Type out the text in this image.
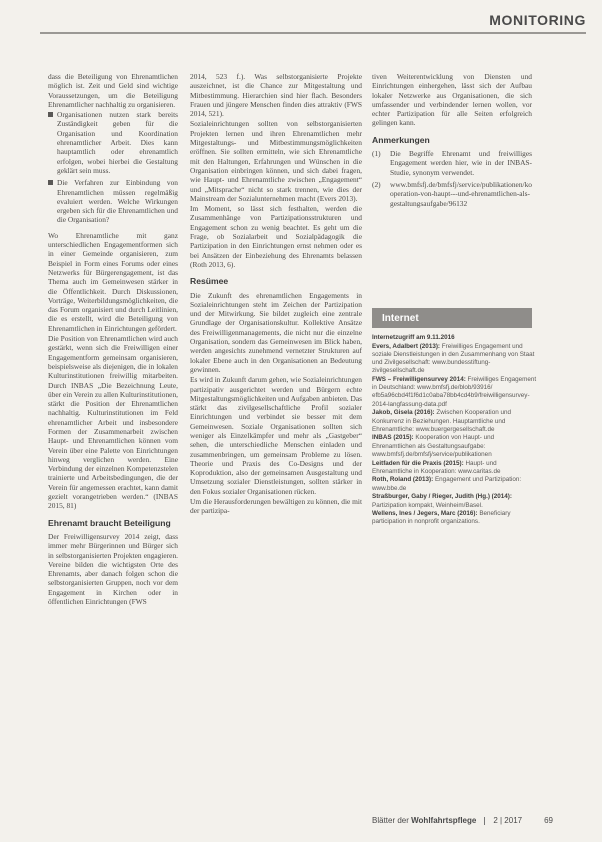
MONITORING

dass die Beteiligung von Ehrenamtlichen möglich ist. Zeit und Geld sind wichtige Voraussetzungen, um die Beteiligung Ehrenamtlicher nachhaltig zu organisieren.

Organisationen nutzen stark bereits Zuständigkeit geben für die Organisation und Koordination ehrenamtlicher Arbeit. Dies kann hauptamtlich oder ehrenamtlich erfolgen, wobei hierbei die Gestaltung geklärt sein muss.
Die Verfahren zur Einbindung von Ehrenamtlichen müssen regelmäßig evaluiert werden. Welche Wirkungen ergeben sich für die Ehrenamtlichen und die Organisation?

Wo Ehrenamtliche mit ganz unterschiedlichen Engagementformen sich in einer Gemeinde organisieren, zum Beispiel in Form eines Forums oder eines Netzwerks für Bürgerengagement, ist das Thema auch im Gemeinwesen stärker in die Öffentlichkeit. Durch Diskussionen, Vorträge, Weiterbildungsmöglichkeiten, die das Forum organisiert und durch Leitlinien, die es erstellt, wird die Beteiligung von Ehrenamtlichen in Einrichtungen gefördert.

Die Position von Ehrenamtlichen wird auch gestärkt, wenn sich die Freiwilligen einer Engagementform gemeinsam organisieren, beispielsweise als diejenigen, die in lokalen Kulturinstitutionen freiwillig mitarbeiten. Durch INBAS „Die Bezeichnung Leute, über ein Verein zu allen Kulturinstitutionen, stärkt die Position der Ehrenamtlichen nachhaltig. Kulturinstitutionen im Feld ehrenamtlicher Arbeit und insbesondere Formen der Zusammenarbeit zwischen Haupt- und Ehrenamtlichen können vom Verein über eine Palette von Einrichtungen hinweg verglichen werden. Eine Verbindung der einzelnen Kompetenzstelen trainierte und Arbeitsbedingungen, die der Verein für angemessen erachtet, kann damit gezielt vorangetrieben werden.“ (INBAS 2015, 81)

Ehrenamt braucht Beteiligung

Der Freiwilligensurvey 2014 zeigt, dass immer mehr Bürgerinnen und Bürger sich in selbstorganisierten Projekten engagieren. Vereine bilden die wichtigsten Orte des Ehrenamts, aber danach folgen schon die selbstorganisierten Gruppen, noch vor dem Engagement in Kirchen oder in öffentlichen Einrichtungen (FWS

2014, 523 f.). Was selbstorganisierte Projekte auszeichnet, ist die Chance zur Mitgestaltung und Mitbestimmung. Hierarchien sind hier flach. Besonders Frauen und jüngere Menschen finden dies attraktiv (FWS 2014, 521).

Sozialeinrichtungen sollten von selbstorganisierten Projekten lernen und ihren Ehrenamtlichen mehr Mitgestaltungs- und Mitbestimmungsmöglichkeiten eröffnen. Sie sollten ermitteln, wie sich Ehrenamtliche mit den Haltungen, Erfahrungen und Wünschen in die Organisation einbringen können, und sich dabei fragen, wie Haupt- und Ehrenamtliche zwischen „Engagement“ und „Mitsprache“ nicht so stark trennen, wie dies der Mainstream der Sozialunternehmen macht (Evers 2013).

Im Moment, so lässt sich festhalten, werden die Zusammenhänge von Partizipationsstrukturen und Engagement schon zu wenig beachtet. Es geht um die Frage, ob Sozialarbeit und Sozialpädagogik die Partizipation in den Einrichtungen ernst nehmen oder es bei Ansätzen der Einbeziehung des Ehrenamts belassen (Roth 2013, 6).

Resümee

Die Zukunft des ehrenamtlichen Engagements in Sozialeinrichtungen steht im Zeichen der Partizipation und der Mitwirkung. Sie bildet zugleich eine zentrale Grundlage der Organisationskultur. Kollektive Ansätze des Freiwilligenmanagements, die nicht nur die einzelne Organisation, sondern das Gemeinwesen im Blick haben, werden angesichts zunehmend vernetzter Strukturen auf lokaler Ebene auch in den Organisationen an Bedeutung gewinnen.

Es wird in Zukunft darum gehen, wie Sozialeinrichtungen partizipativ ausgerichtet werden und Bürgern echte Mitgestaltungsmöglichkeiten und Aufgaben anbieten. Das stärkt das zivilgesellschaftliche Profil sozialer Einrichtungen und verbindet sie besser mit dem Gemeinwesen. Soziale Organisationen sollten sich weniger als Einzelkämpfer und mehr als „Gastgeber“ sehen, die unterschiedliche Menschen einladen und zusammenbringen, um gemeinsam Probleme zu lösen. Theorie und Praxis des Co-Designs und der Koproduktion, also der gemeinsamen Ausgestaltung und Umsetzung sozialer Dienstleistungen, sollten stärker in den Fokus sozialer Organisationen rücken.

Um die Herausforderungen bewältigen zu können, die mit der partizipa-

tiven Weiterentwicklung von Diensten und Einrichtungen einhergehen, lässt sich der Aufbau lokaler Netzwerke aus Organisationen, die sich umfassender und verbindender lernen wollen, vor echter Partizipation für alle Seiten erfolgreich gelingen kann.

Anmerkungen
(1)	Die Begriffe Ehrenamt und freiwilliges Engagement werden hier, wie in der INBAS-Studie, synonym verwendet.
(2)	www.bmfsfj.de/bmfsfj/service/publikationen/kooperation-von-haupt---und-ehrenamtlichen-als-gestaltungsaufgabe/96132
Internet
Internetzugriff am 9.11.2016
Evers, Adalbert (2013): Freiwilliges Engagement und soziale Dienstleistungen in den Zusammenhang von Staat und Zivilgesellschaft: www.bundesstiftung-zivilgesellschaft.de
FWS – Freiwilligensurvey 2014: Freiwilliges Engagement in Deutschland: www.bmfsfj.de/blob/93916/ efb5a96cbd4f1f6d1c0aba78bb4cd4b9/freiwilligensurvey-2014-langfassung-data.pdf
Jakob, Gisela (2016): Zwischen Kooperation und Konkurrenz in Beziehungen. Hauptamtliche und Ehrenamtliche: www.buergergesellschaft.de
INBAS (2015): Kooperation von Haupt- und Ehrenamtlichen als Gestaltungsaufgabe: www.bmfsfj.de/bmfsfj/service/publikationen
Leitfaden für die Praxis (2015): Haupt- und Ehrenamtliche in Kooperation: www.caritas.de
Roth, Roland (2013): Engagement und Partizipation: www.bbe.de
Straßburger, Gaby / Rieger, Judith (Hg.) (2014): Partizipation kompakt, Weinheim/Basel.
Wellens, Ines / Jegers, Marc (2016): Beneficiary participation in nonprofit organizations.
Blätter der Wohlfahrtspflege 2 | 2017	69
